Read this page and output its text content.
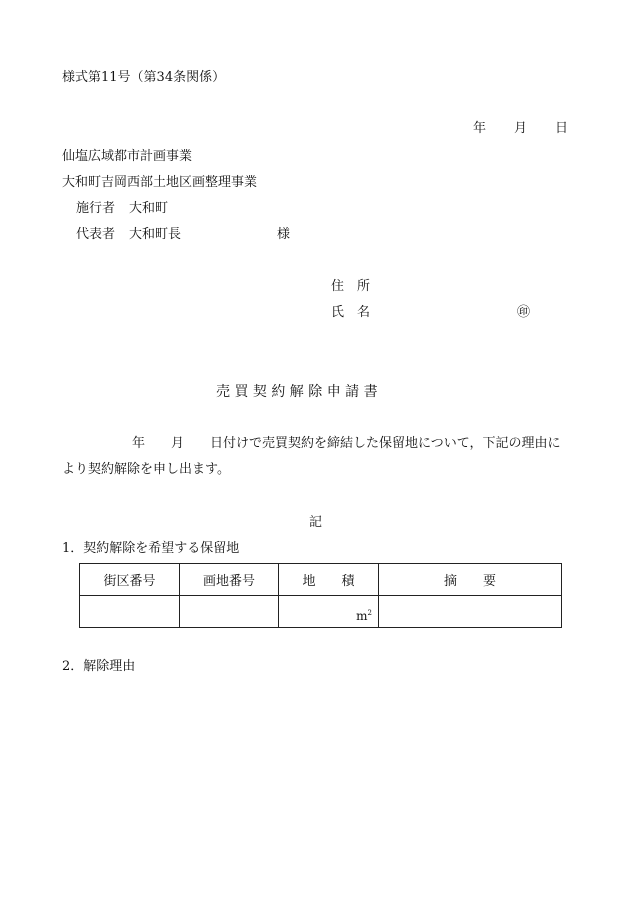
様式第11号（第34条関係）
年 月 日
仙塩広域都市計画事業
大和町吉岡西部土地区画整理事業
施行者 大和町
代表者 大和町長	様
住　所
氏　名	㊞
売 買 契 約 解 除 申 請 書
年 月 日付けで売買契約を締結した保留地について，下記の理由に
より契約解除を申し出ます。
記
1．契約解除を希望する保留地
街区番号	画地番号	地　　積	摘　　要

		$m^2$

2．解除理由
